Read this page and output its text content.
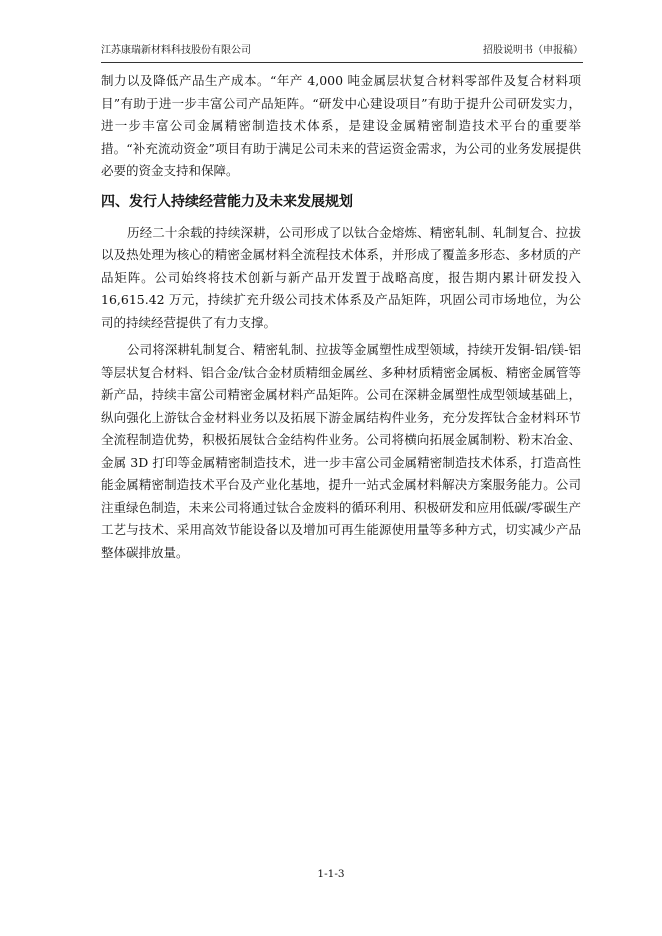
江苏康瑞新材料科技股份有限公司	招股说明书（申报稿）

制力以及降低产品生产成本。“年产 4,000 吨金属层状复合材料零部件及复合材料项目”有助于进一步丰富公司产品矩阵。“研发中心建设项目”有助于提升公司研发实力，进一步丰富公司金属精密制造技术体系，是建设金属精密制造技术平台的重要举措。“补充流动资金”项目有助于满足公司未来的营运资金需求，为公司的业务发展提供必要的资金支持和保障。

四、发行人持续经营能力及未来发展规划

历经二十余载的持续深耕，公司形成了以钛合金熔炼、精密轧制、轧制复合、拉拔以及热处理为核心的精密金属材料全流程技术体系，并形成了覆盖多形态、多材质的产品矩阵。公司始终将技术创新与新产品开发置于战略高度，报告期内累计研发投入 16,615.42 万元，持续扩充升级公司技术体系及产品矩阵，巩固公司市场地位，为公司的持续经营提供了有力支撑。

公司将深耕轧制复合、精密轧制、拉拔等金属塑性成型领域，持续开发铜-铝/镁-铝等层状复合材料、铝合金/钛合金材质精细金属丝、多种材质精密金属板、精密金属管等新产品，持续丰富公司精密金属材料产品矩阵。公司在深耕金属塑性成型领域基础上，纵向强化上游钛合金材料业务以及拓展下游金属结构件业务，充分发挥钛合金材料环节全流程制造优势，积极拓展钛合金结构件业务。公司将横向拓展金属制粉、粉末冶金、金属 3D 打印等金属精密制造技术，进一步丰富公司金属精密制造技术体系，打造高性能金属精密制造技术平台及产业化基地，提升一站式金属材料解决方案服务能力。公司注重绿色制造，未来公司将通过钛合金废料的循环利用、积极研发和应用低碳/零碳生产工艺与技术、采用高效节能设备以及增加可再生能源使用量等多种方式，切实减少产品整体碳排放量。

1-1-3
